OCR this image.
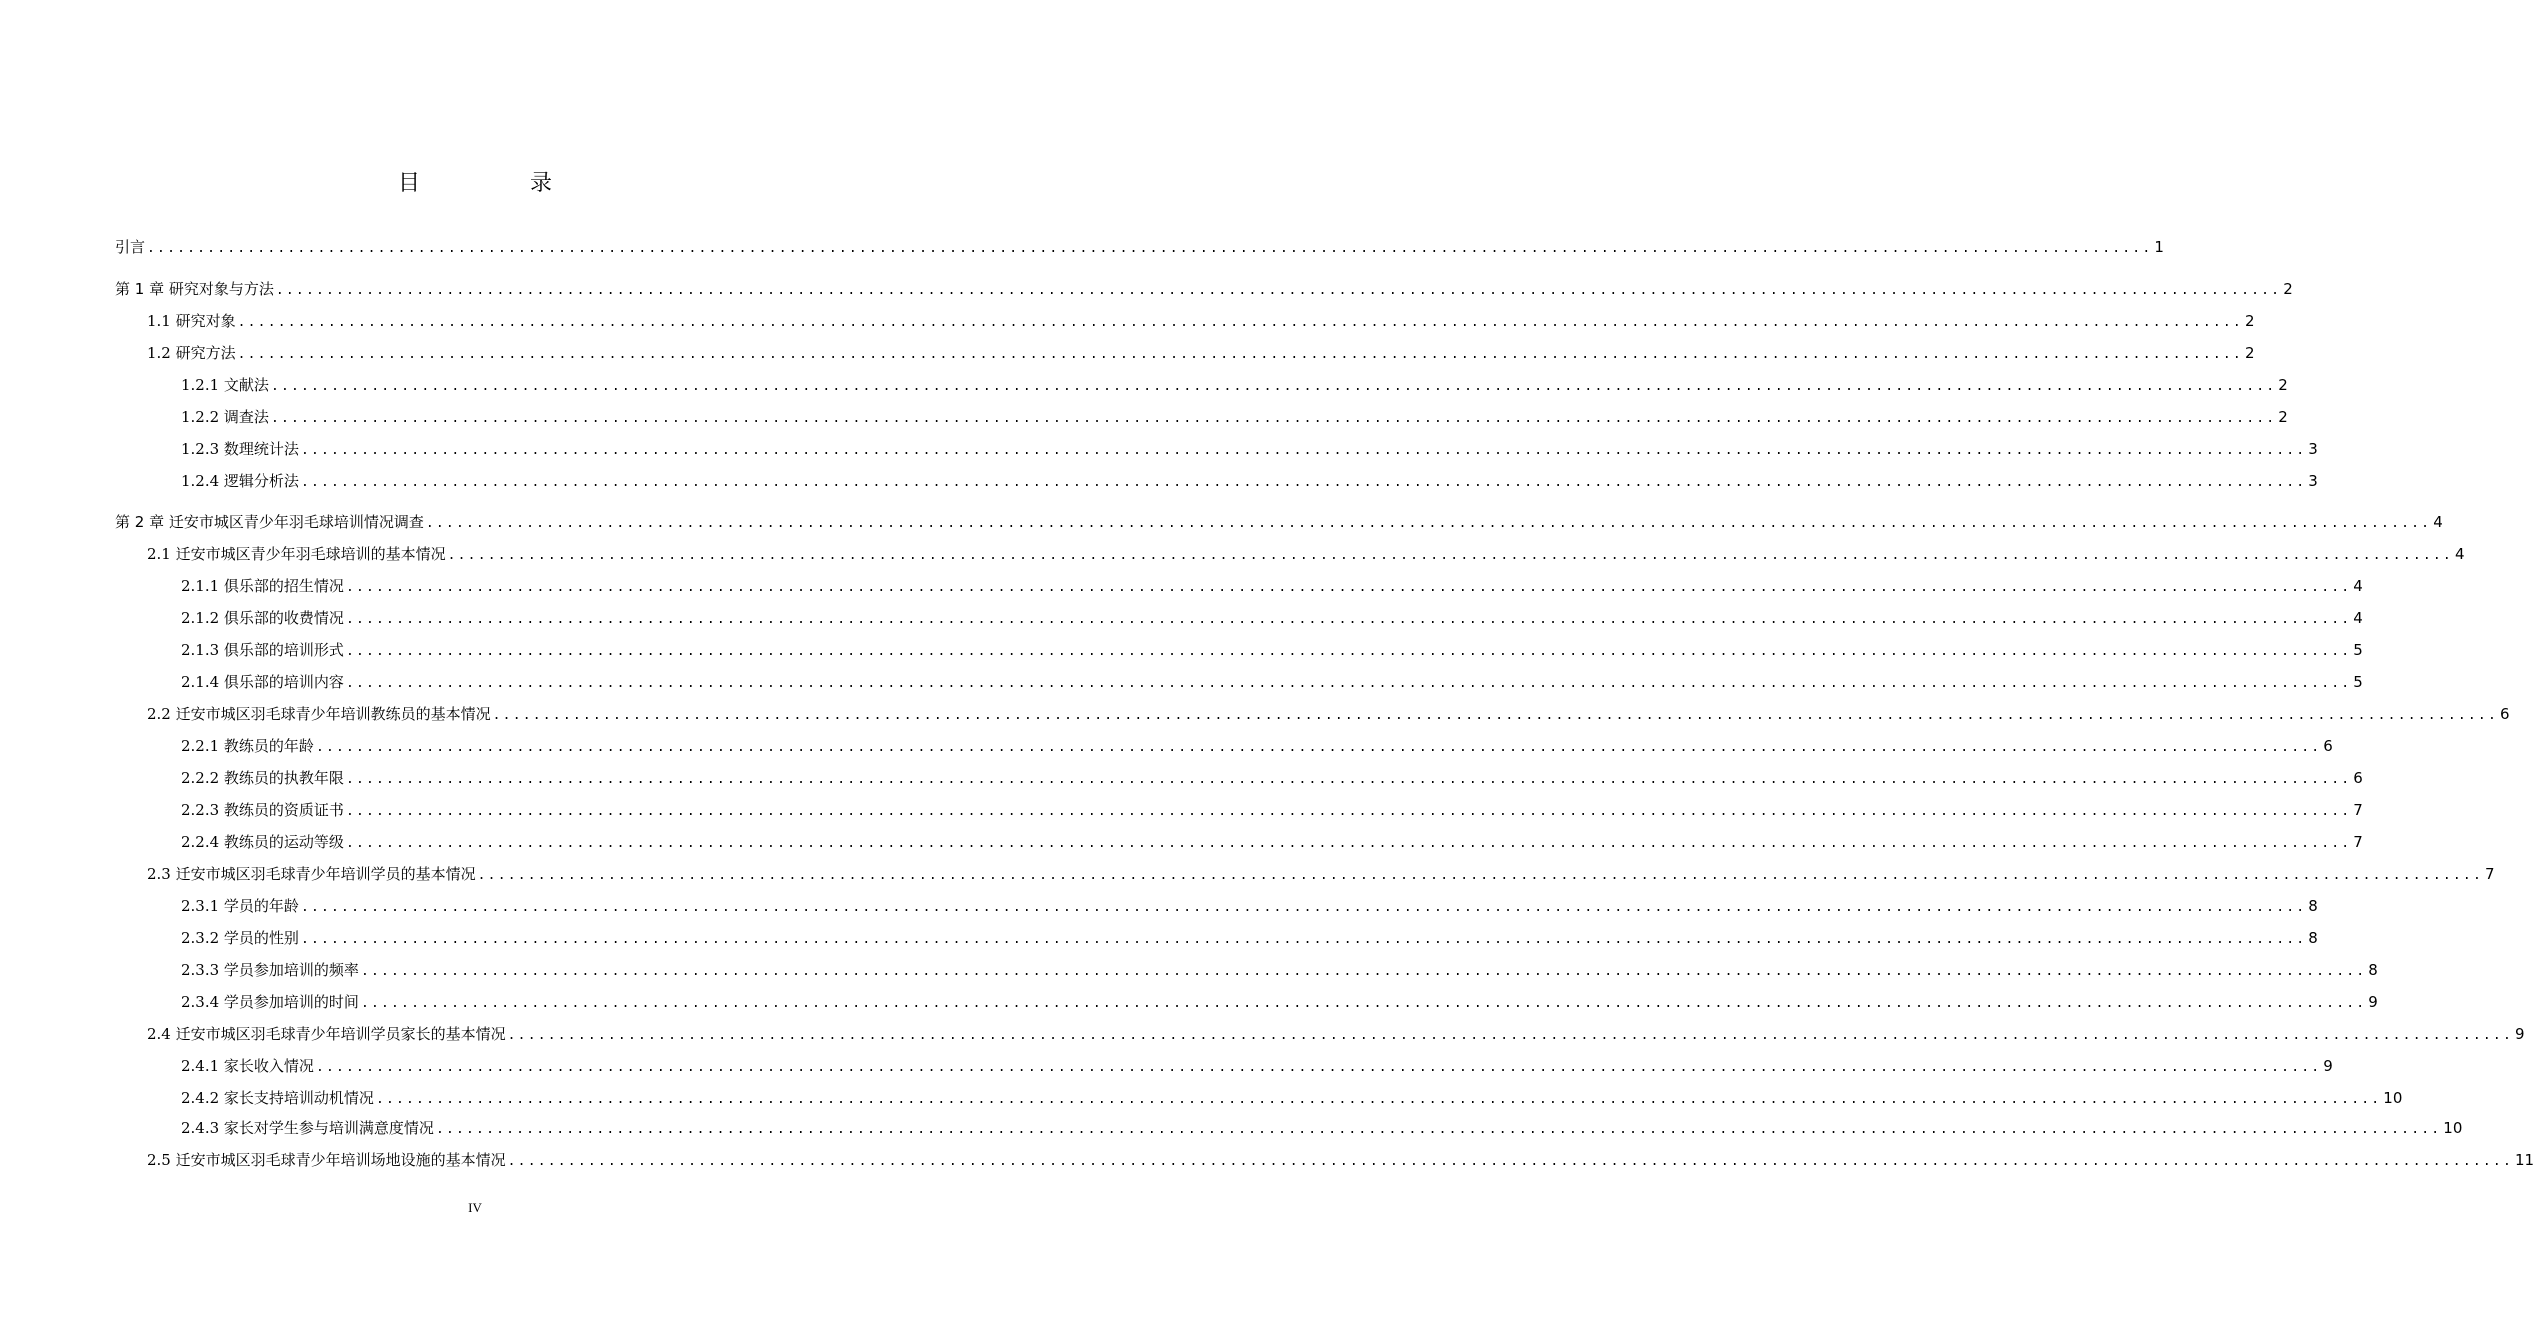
目　录
引言 ........................................................................................................................................................................................................ 1
第 1 章 研究对象与方法 ........................................................................................................................................................................................................ 2
1.1 研究对象 ........................................................................................................................................................................................................ 2
1.2 研究方法 ........................................................................................................................................................................................................ 2
1.2.1 文献法 ........................................................................................................................................................................................................ 2
1.2.2 调查法 ........................................................................................................................................................................................................ 2
1.2.3 数理统计法 ........................................................................................................................................................................................................ 3
1.2.4 逻辑分析法 ........................................................................................................................................................................................................ 3
第 2 章 迁安市城区青少年羽毛球培训情况调查 ........................................................................................................................................................................................................ 4
2.1 迁安市城区青少年羽毛球培训的基本情况 ........................................................................................................................................................................................................ 4
2.1.1 俱乐部的招生情况 ........................................................................................................................................................................................................ 4
2.1.2 俱乐部的收费情况 ........................................................................................................................................................................................................ 4
2.1.3 俱乐部的培训形式 ........................................................................................................................................................................................................ 5
2.1.4 俱乐部的培训内容 ........................................................................................................................................................................................................ 5
2.2 迁安市城区羽毛球青少年培训教练员的基本情况 ........................................................................................................................................................................................................ 6
2.2.1 教练员的年龄 ........................................................................................................................................................................................................ 6
2.2.2 教练员的执教年限 ........................................................................................................................................................................................................ 6
2.2.3 教练员的资质证书 ........................................................................................................................................................................................................ 7
2.2.4 教练员的运动等级 ........................................................................................................................................................................................................ 7
2.3 迁安市城区羽毛球青少年培训学员的基本情况 ........................................................................................................................................................................................................ 7
2.3.1 学员的年龄 ........................................................................................................................................................................................................ 8
2.3.2 学员的性别 ........................................................................................................................................................................................................ 8
2.3.3 学员参加培训的频率 ........................................................................................................................................................................................................ 8
2.3.4 学员参加培训的时间 ........................................................................................................................................................................................................ 9
2.4 迁安市城区羽毛球青少年培训学员家长的基本情况 ........................................................................................................................................................................................................ 9
2.4.1 家长收入情况 ........................................................................................................................................................................................................ 9
2.4.2 家长支持培训动机情况 ........................................................................................................................................................................................................ 10
2.4.3 家长对学生参与培训满意度情况 ........................................................................................................................................................................................................ 10
2.5 迁安市城区羽毛球青少年培训场地设施的基本情况 ........................................................................................................................................................................................................ 11
IV
